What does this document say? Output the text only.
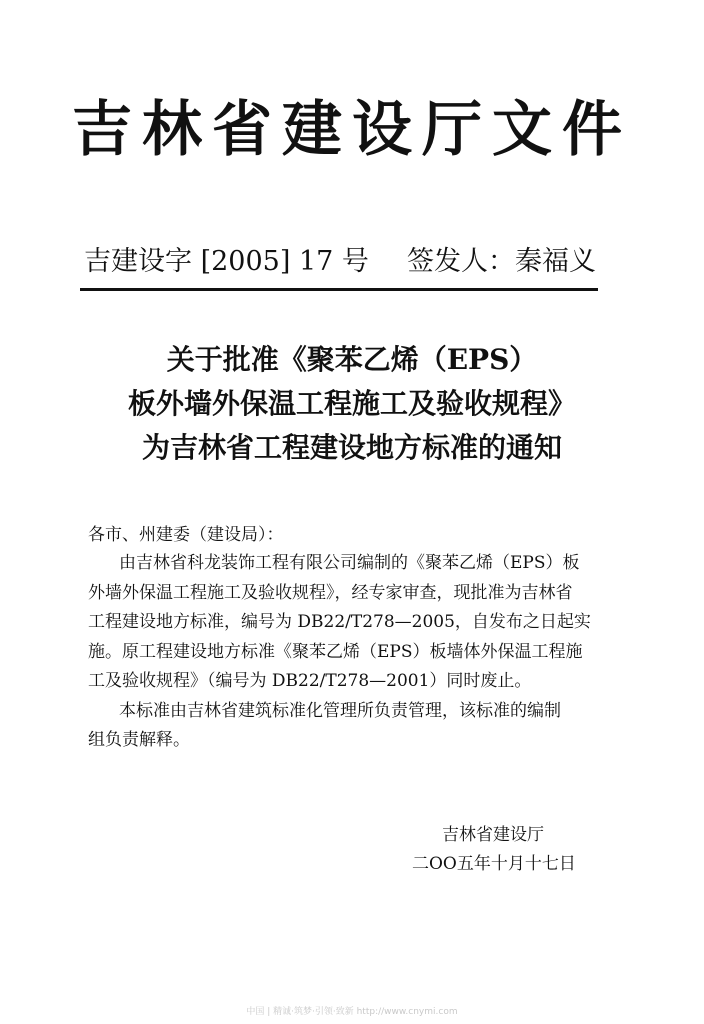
吉林省建设厅文件
吉建设字 [2005] 17 号 签发人：秦福义
关于批准《聚苯乙烯（EPS）
板外墙外保温工程施工及验收规程》
为吉林省工程建设地方标准的通知
各市、州建委（建设局）：
由吉林省科龙装饰工程有限公司编制的《聚苯乙烯（EPS）板
外墙外保温工程施工及验收规程》，经专家审查，现批准为吉林省
工程建设地方标准，编号为 DB22/T278—2005，自发布之日起实
施。原工程建设地方标准《聚苯乙烯（EPS）板墙体外保温工程施
工及验收规程》（编号为 DB22/T278—2001）同时废止。
本标准由吉林省建筑标准化管理所负责管理，该标准的编制
组负责解释。
吉林省建设厅
二OO五年十月十七日
中国 | 精诚·筑梦·引领·致新 http://www.cnymi.com
